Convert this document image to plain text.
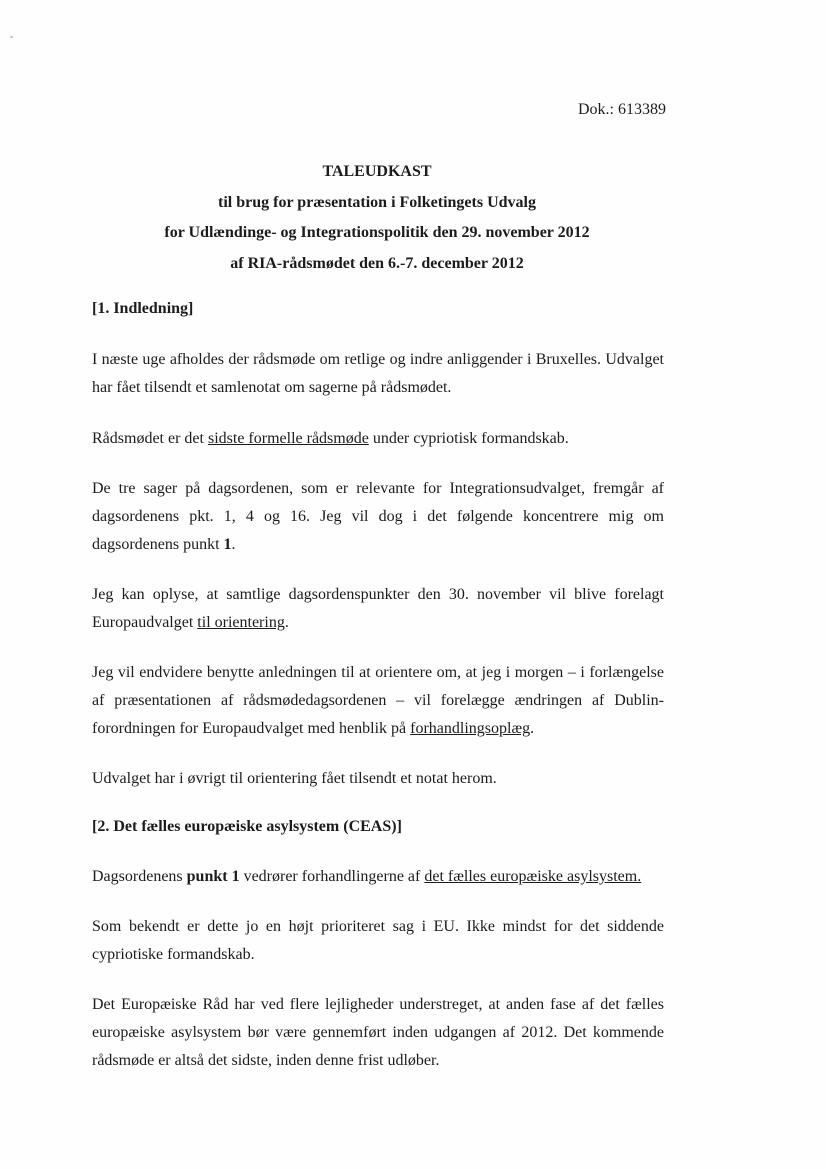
Dok.: 613389

TALEUDKAST
til brug for præsentation i Folketingets Udvalg
for Udlændinge- og Integrationspolitik den 29. november 2012
af RIA-rådsmødet den 6.-7. december 2012

[1. Indledning]

I næste uge afholdes der rådsmøde om retlige og indre anliggender i Bruxelles. Udvalget har fået tilsendt et samlenotat om sagerne på rådsmødet.

Rådsmødet er det sidste formelle rådsmøde under cypriotisk formandskab.

De tre sager på dagsordenen, som er relevante for Integrationsudvalget, fremgår af dagsordenens pkt. 1, 4 og 16. Jeg vil dog i det følgende koncentrere mig om dagsordenens punkt 1.

Jeg kan oplyse, at samtlige dagsordenspunkter den 30. november vil blive forelagt Europaudvalget til orientering.

Jeg vil endvidere benytte anledningen til at orientere om, at jeg i morgen – i forlængelse af præsentationen af rådsmødedagsordenen – vil forelægge ændringen af Dublin-forordningen for Europaudvalget med henblik på forhandlingsoplæg.

Udvalget har i øvrigt til orientering fået tilsendt et notat herom.

[2. Det fælles europæiske asylsystem (CEAS)]

Dagsordenens punkt 1 vedrører forhandlingerne af det fælles europæiske asylsystem.

Som bekendt er dette jo en højt prioriteret sag i EU. Ikke mindst for det siddende cypriotiske formandskab.

Det Europæiske Råd har ved flere lejligheder understreget, at anden fase af det fælles europæiske asylsystem bør være gennemført inden udgangen af 2012. Det kommende rådsmøde er altså det sidste, inden denne frist udløber.
